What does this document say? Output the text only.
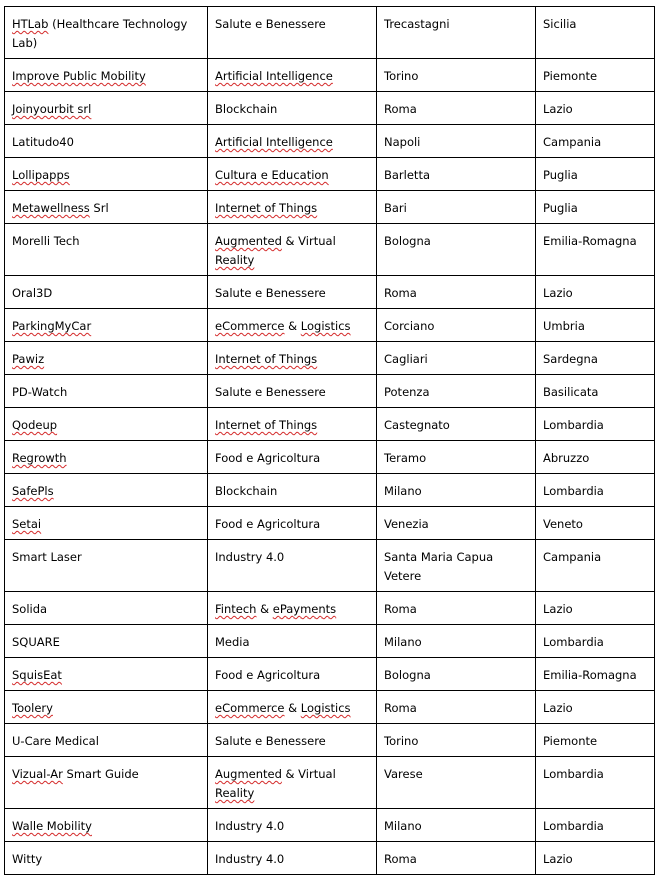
HTLab (Healthcare Technology Lab)	Salute e Benessere	Trecastagni	Sicilia
Improve Public Mobility	Artificial Intelligence	Torino	Piemonte
Joinyourbit srl	Blockchain	Roma	Lazio
Latitudo40	Artificial Intelligence	Napoli	Campania
Lollipapps	Cultura e Education	Barletta	Puglia
Metawellness Srl	Internet of Things	Bari	Puglia
Morelli Tech	Augmented & Virtual Reality	Bologna	Emilia-Romagna
Oral3D	Salute e Benessere	Roma	Lazio
ParkingMyCar	eCommerce & Logistics	Corciano	Umbria
Pawiz	Internet of Things	Cagliari	Sardegna
PD-Watch	Salute e Benessere	Potenza	Basilicata
Qodeup	Internet of Things	Castegnato	Lombardia
Regrowth	Food e Agricoltura	Teramo	Abruzzo
SafePls	Blockchain	Milano	Lombardia
Setai	Food e Agricoltura	Venezia	Veneto
Smart Laser	Industry 4.0	Santa Maria Capua Vetere	Campania
Solida	Fintech & ePayments	Roma	Lazio
SQUARE	Media	Milano	Lombardia
SquisEat	Food e Agricoltura	Bologna	Emilia-Romagna
Toolery	eCommerce & Logistics	Roma	Lazio
U-Care Medical	Salute e Benessere	Torino	Piemonte
Vizual-Ar Smart Guide	Augmented & Virtual Reality	Varese	Lombardia
Walle Mobility	Industry 4.0	Milano	Lombardia
Witty	Industry 4.0	Roma	Lazio
